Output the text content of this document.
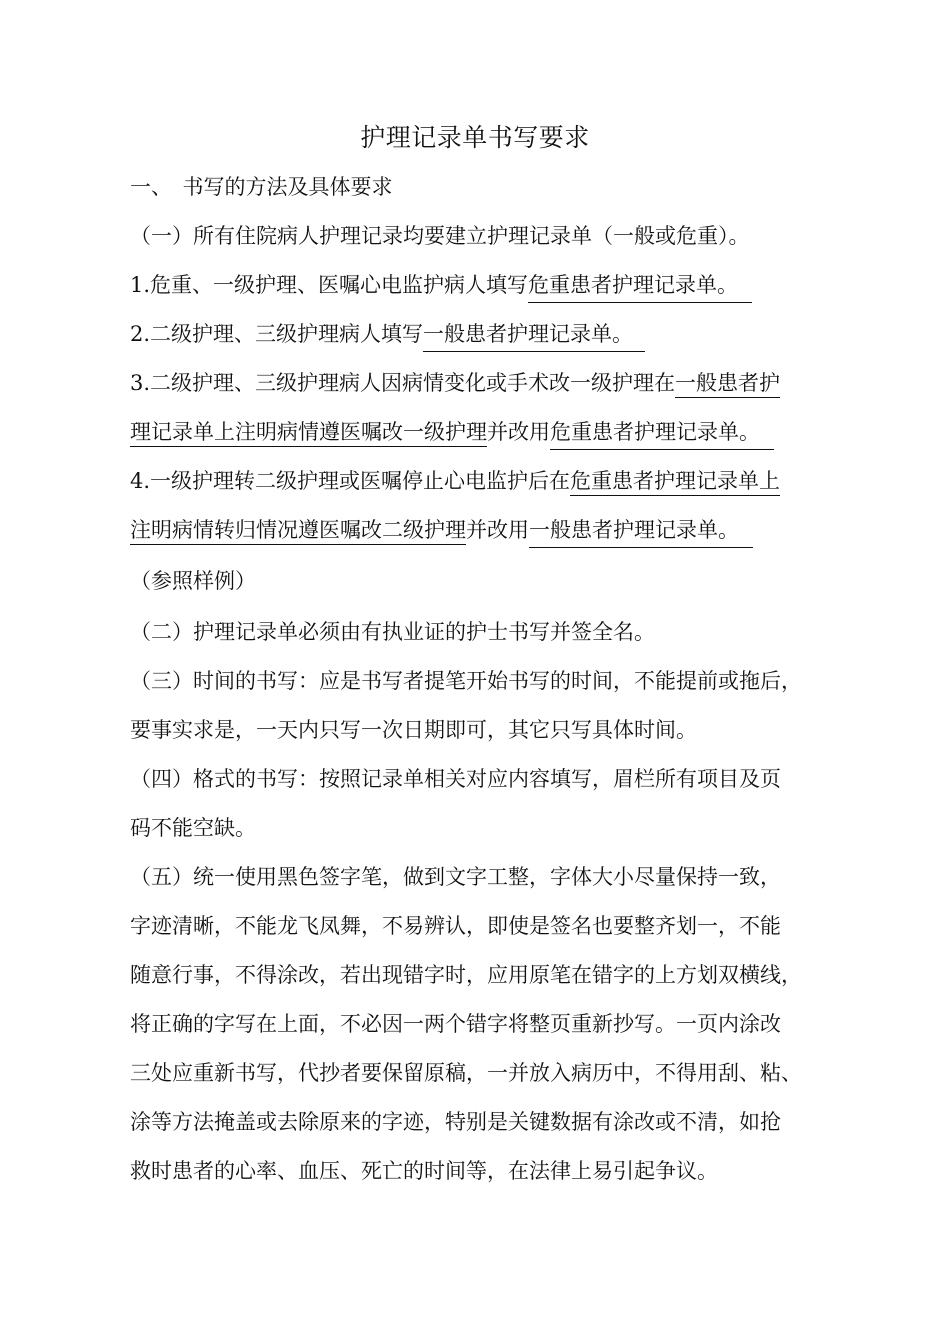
护理记录单书写要求
一、　书写的方法及具体要求
（一）所有住院病人护理记录均要建立护理记录单（一般或危重）。
1.危重、一级护理、医嘱心电监护病人填写危重患者护理记录单。
2.二级护理、三级护理病人填写一般患者护理记录单。
3.二级护理、三级护理病人因病情变化或手术改一级护理在一般患者护
理记录单上注明病情遵医嘱改一级护理并改用危重患者护理记录单。
4.一级护理转二级护理或医嘱停止心电监护后在危重患者护理记录单上
注明病情转归情况遵医嘱改二级护理并改用一般患者护理记录单。
（参照样例）
（二）护理记录单必须由有执业证的护士书写并签全名。
（三）时间的书写：应是书写者提笔开始书写的时间，不能提前或拖后，
要事实求是，一天内只写一次日期即可，其它只写具体时间。
（四）格式的书写：按照记录单相关对应内容填写，眉栏所有项目及页
码不能空缺。
（五）统一使用黑色签字笔，做到文字工整，字体大小尽量保持一致，
字迹清晰，不能龙飞凤舞，不易辨认，即使是签名也要整齐划一，不能
随意行事，不得涂改，若出现错字时，应用原笔在错字的上方划双横线，
将正确的字写在上面，不必因一两个错字将整页重新抄写。一页内涂改
三处应重新书写，代抄者要保留原稿，一并放入病历中，不得用刮、粘、
涂等方法掩盖或去除原来的字迹，特别是关键数据有涂改或不清，如抢
救时患者的心率、血压、死亡的时间等，在法律上易引起争议。
